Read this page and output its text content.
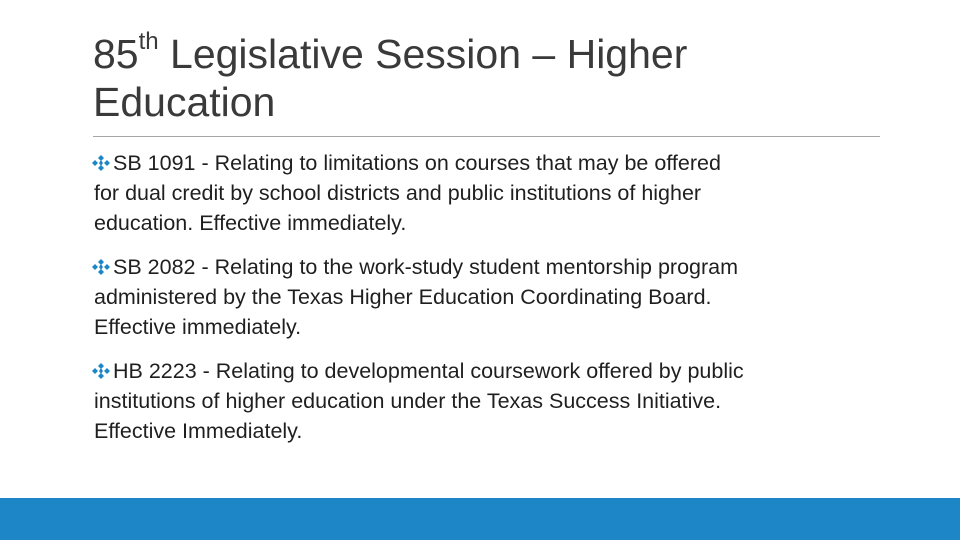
85th Legislative Session – Higher
Education
SB 1091 - Relating to limitations on courses that may be offered
for dual credit by school districts and public institutions of higher
education. Effective immediately.
SB 2082 - Relating to the work-study student mentorship program
administered by the Texas Higher Education Coordinating Board.
Effective immediately.
HB 2223 - Relating to developmental coursework offered by public
institutions of higher education under the Texas Success Initiative.
Effective Immediately.
